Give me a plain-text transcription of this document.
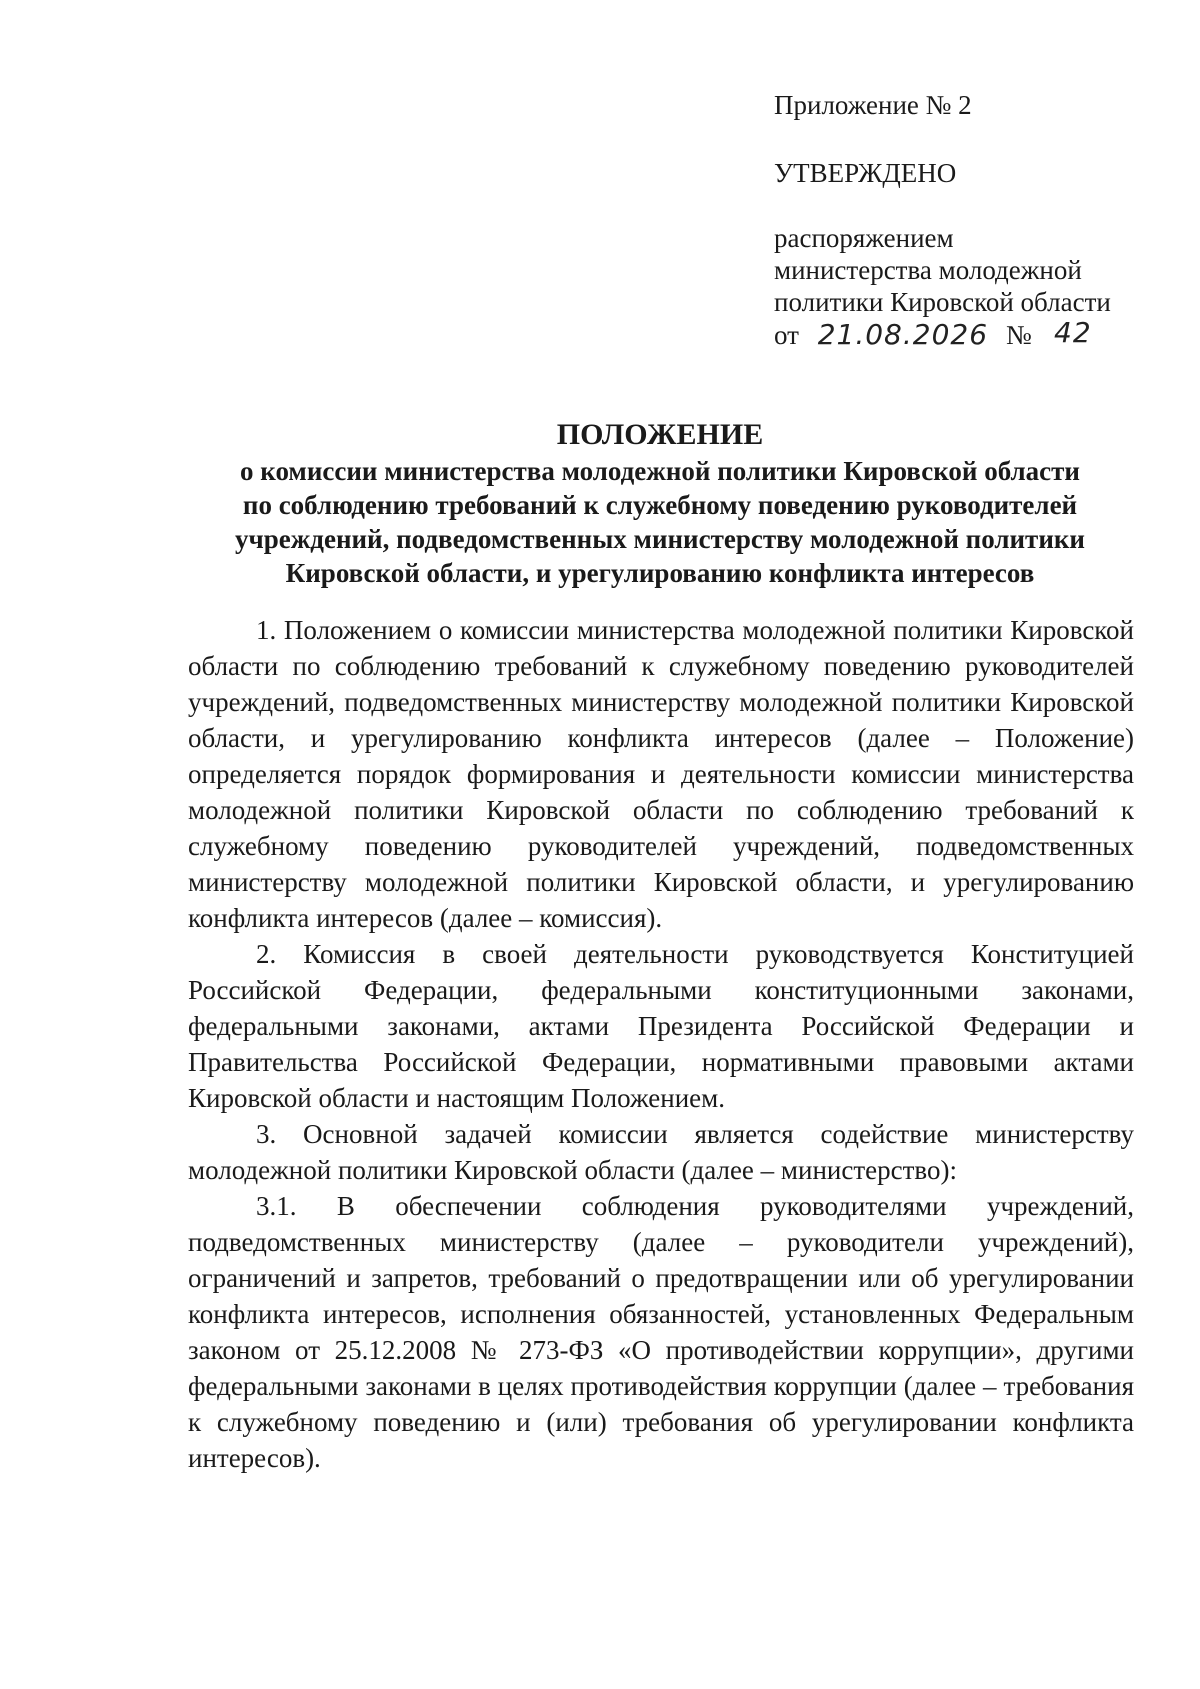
Приложение № 2
УТВЕРЖДЕНО
распоряжением
министерства молодежной
политики Кировской области
от 21.08.2026 № 42
ПОЛОЖЕНИЕ
о комиссии министерства молодежной политики Кировской области
по соблюдению требований к служебному поведению руководителей
учреждений, подведомственных министерству молодежной политики
Кировской области, и урегулированию конфликта интересов

1. Положением о комиссии министерства молодежной политики Кировской области по соблюдению требований к служебному поведению руководителей учреждений, подведомственных министерству молодежной политики Кировской области, и урегулированию конфликта интересов (далее – Положение) определяется порядок формирования и деятельности комиссии министерства молодежной политики Кировской области по соблюдению требований к служебному поведению руководителей учреждений, подведомственных министерству молодежной политики Кировской области, и урегулированию конфликта интересов (далее – комиссия).

2. Комиссия в своей деятельности руководствуется Конституцией Российской Федерации, федеральными конституционными законами, федеральными законами, актами Президента Российской Федерации и Правительства Российской Федерации, нормативными правовыми актами Кировской области и настоящим Положением.

3. Основной задачей комиссии является содействие министерству молодежной политики Кировской области (далее – министерство):

3.1. В обеспечении соблюдения руководителями учреждений, подведомственных министерству (далее – руководители учреждений), ограничений и запретов, требований о предотвращении или об урегулировании конфликта интересов, исполнения обязанностей, установленных Федеральным законом от 25.12.2008 № 273-ФЗ «О противодействии коррупции», другими федеральными законами в целях противодействия коррупции (далее – требования к служебному поведению и (или) требования об урегулировании конфликта интересов).
